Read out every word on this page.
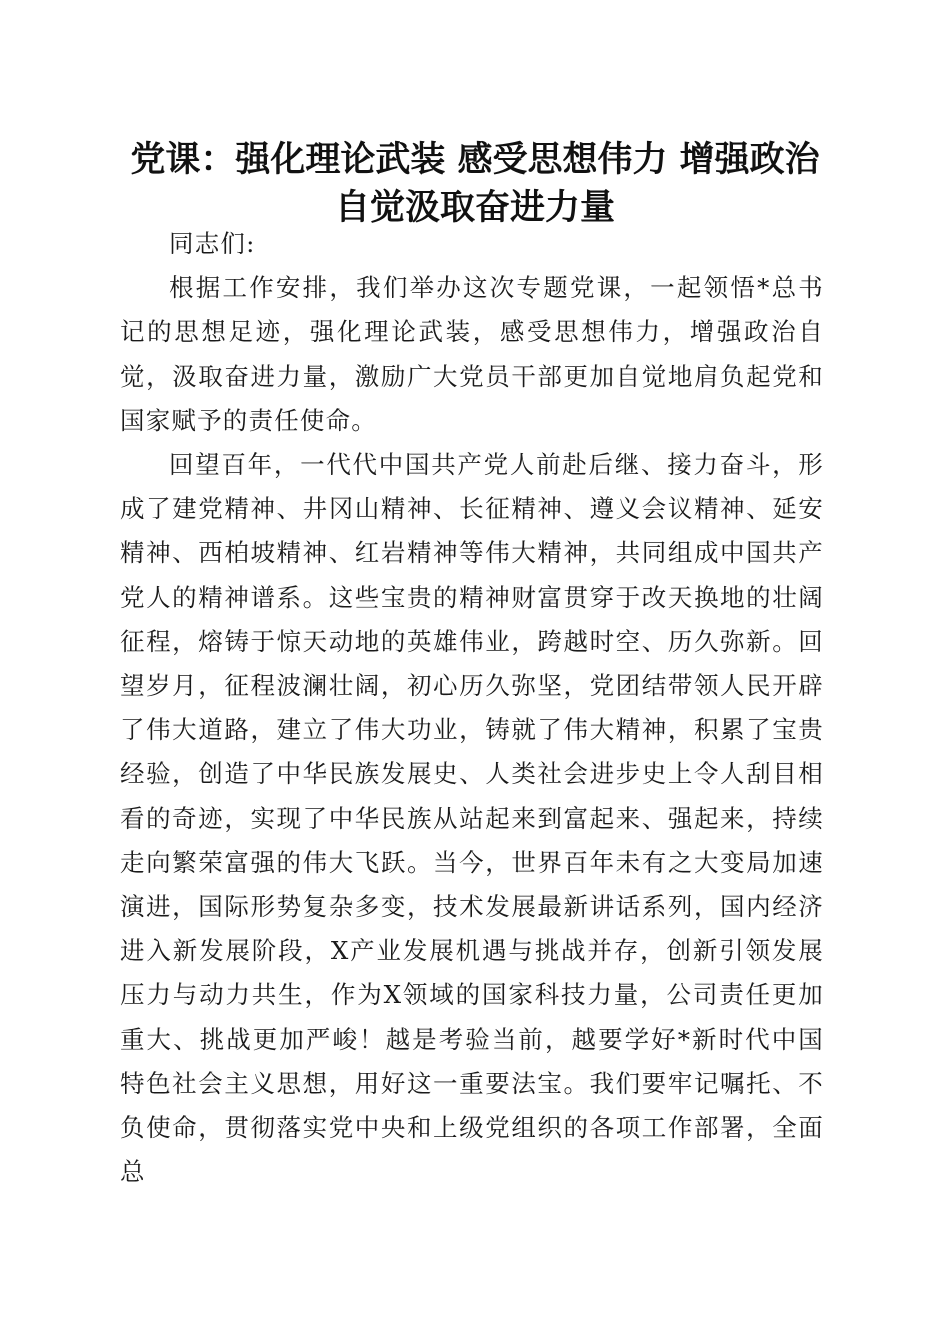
党课：强化理论武装 感受思想伟力 增强政治自觉汲取奋进力量

同志们:

根据工作安排，我们举办这次专题党课，一起领悟*总书记的思想足迹，强化理论武装，感受思想伟力，增强政治自觉，汲取奋进力量，激励广大党员干部更加自觉地肩负起党和国家赋予的责任使命。

回望百年，一代代中国共产党人前赴后继、接力奋斗，形成了建党精神、井冈山精神、长征精神、遵义会议精神、延安精神、西柏坡精神、红岩精神等伟大精神，共同组成中国共产党人的精神谱系。这些宝贵的精神财富贯穿于改天换地的壮阔征程，熔铸于惊天动地的英雄伟业，跨越时空、历久弥新。回望岁月，征程波澜壮阔，初心历久弥坚，党团结带领人民开辟了伟大道路，建立了伟大功业，铸就了伟大精神，积累了宝贵经验，创造了中华民族发展史、人类社会进步史上令人刮目相看的奇迹，实现了中华民族从站起来到富起来、强起来，持续走向繁荣富强的伟大飞跃。当今，世界百年未有之大变局加速演进，国际形势复杂多变，技术发展最新讲话系列，国内经济进入新发展阶段，X产业发展机遇与挑战并存，创新引领发展压力与动力共生，作为X领域的国家科技力量，公司责任更加重大、挑战更加严峻！越是考验当前，越要学好*新时代中国特色社会主义思想，用好这一重要法宝。我们要牢记嘱托、不负使命，贯彻落实党中央和上级党组织的各项工作部署，全面总
